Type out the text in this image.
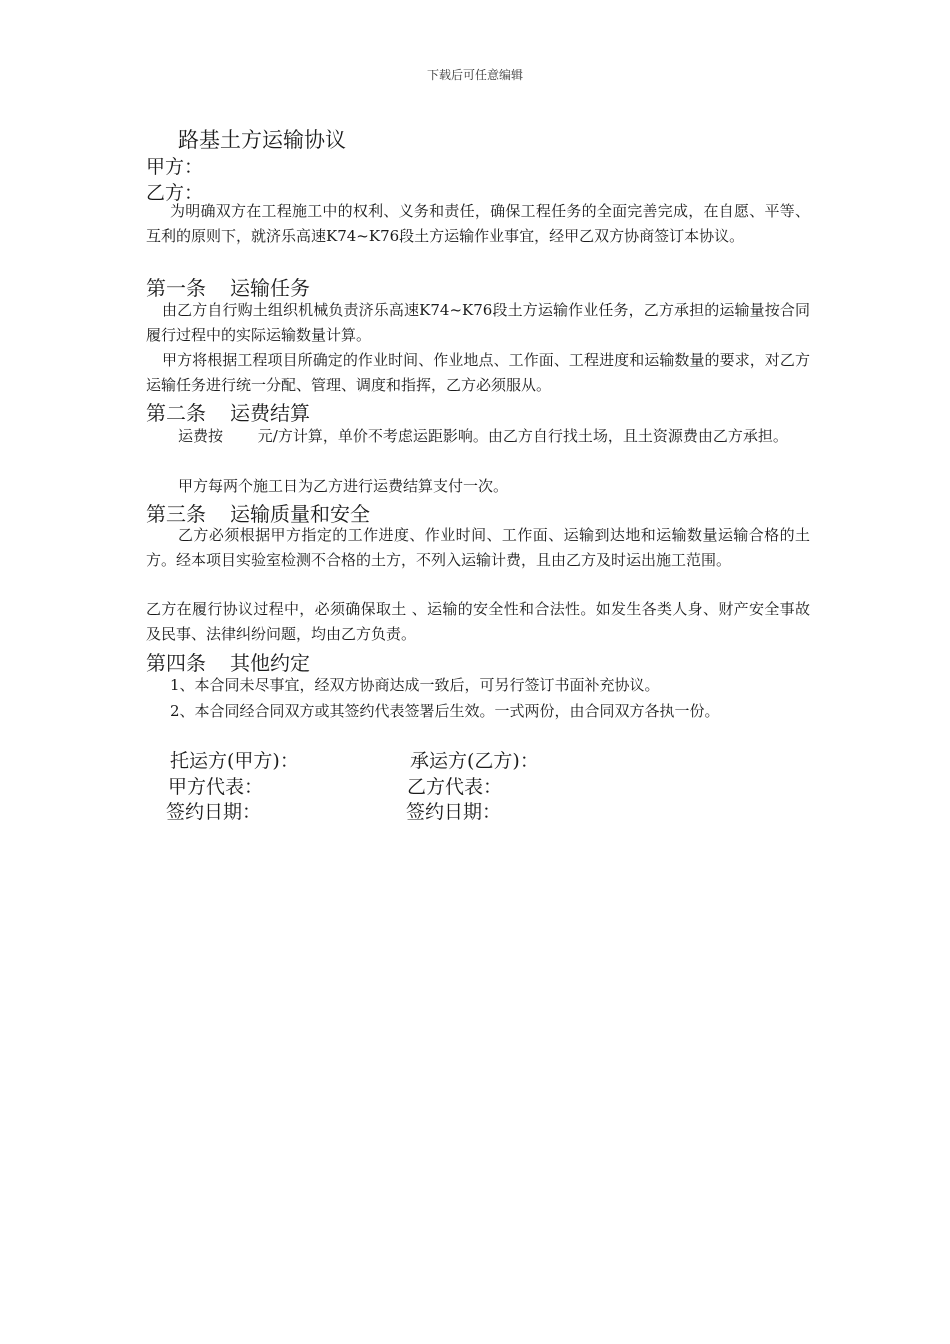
下载后可任意编辑
路基土方运输协议
甲方：
乙方：
为明确双方在工程施工中的权利、义务和责任，确保工程任务的全面完善完成，在自愿、平等、互利的原则下，就济乐高速K74~K76段土方运输作业事宜，经甲乙双方协商签订本协议。
第一条 运输任务
由乙方自行购土组织机械负责济乐高速K74~K76段土方运输作业任务，乙方承担的运输量按合同履行过程中的实际运输数量计算。
甲方将根据工程项目所确定的作业时间、作业地点、工作面、工程进度和运输数量的要求，对乙方运输任务进行统一分配、管理、调度和指挥，乙方必须服从。
第二条 运费结算
运费按　　 元/方计算，单价不考虑运距影响。由乙方自行找土场，且土资源费由乙方承担。
甲方每两个施工日为乙方进行运费结算支付一次。
第三条 运输质量和安全
乙方必须根据甲方指定的工作进度、作业时间、工作面、运输到达地和运输数量运输合格的土方。经本项目实验室检测不合格的土方，不列入运输计费，且由乙方及时运出施工范围。
乙方在履行协议过程中，必须确保取土 、运输的安全性和合法性。如发生各类人身、财产安全事故及民事、法律纠纷问题，均由乙方负责。
第四条 其他约定
1、本合同未尽事宜，经双方协商达成一致后，可另行签订书面补充协议。
2、本合同经合同双方或其签约代表签署后生效。一式两份，由合同双方各执一份。
托运方(甲方)：
甲方代表：
签约日期：
承运方(乙方)：
乙方代表：
签约日期：
